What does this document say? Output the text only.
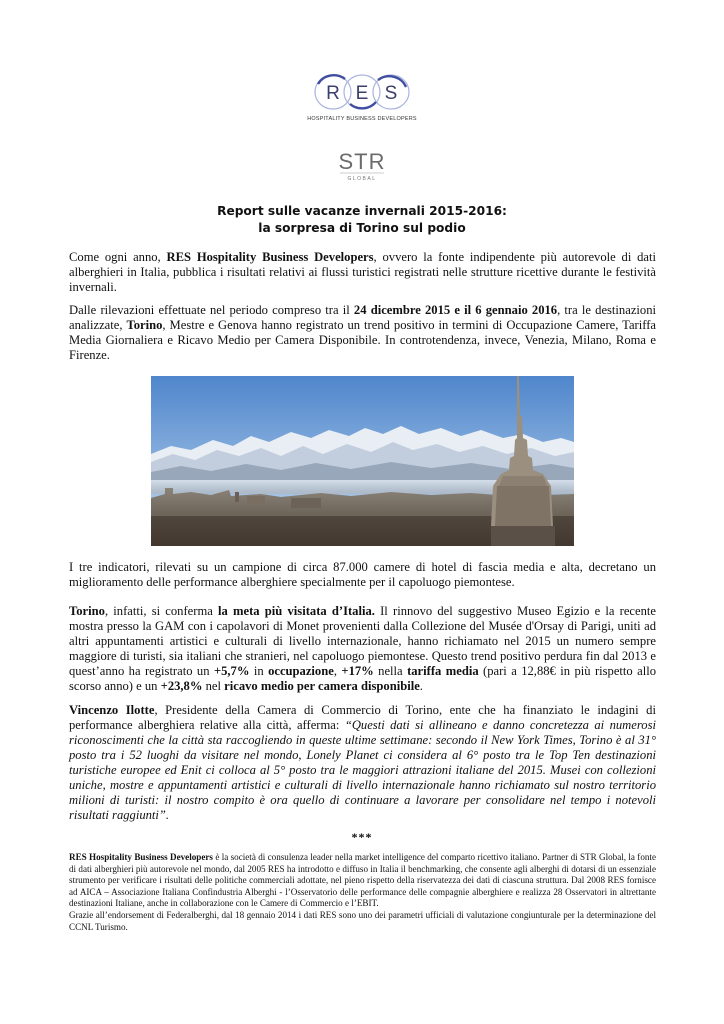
R E S
HOSPITALITY BUSINESS DEVELOPERS
STR
GLOBAL
Report sulle vacanze invernali 2015-2016:
la sorpresa di Torino sul podio

Come ogni anno, RES Hospitality Business Developers, ovvero la fonte indipendente più autorevole di dati alberghieri in Italia, pubblica i risultati relativi ai flussi turistici registrati nelle strutture ricettive durante le festività invernali.

Dalle rilevazioni effettuate nel periodo compreso tra il 24 dicembre 2015 e il 6 gennaio 2016, tra le destinazioni analizzate, Torino, Mestre e Genova hanno registrato un trend positivo in termini di Occupazione Camere, Tariffa Media Giornaliera e Ricavo Medio per Camera Disponibile. In controtendenza, invece, Venezia, Milano, Roma e Firenze.

I tre indicatori, rilevati su un campione di circa 87.000 camere di hotel di fascia media e alta, decretano un miglioramento delle performance alberghiere specialmente per il capoluogo piemontese.

Torino, infatti, si conferma la meta più visitata d’Italia. Il rinnovo del suggestivo Museo Egizio e la recente mostra presso la GAM con i capolavori di Monet provenienti dalla Collezione del Musée d'Orsay di Parigi, uniti ad altri appuntamenti artistici e culturali di livello internazionale, hanno richiamato nel 2015 un numero sempre maggiore di turisti, sia italiani che stranieri, nel capoluogo piemontese. Questo trend positivo perdura fin dal 2013 e quest’anno ha registrato un +5,7% in occupazione, +17% nella tariffa media (pari a 12,88€ in più rispetto allo scorso anno) e un +23,8% nel ricavo medio per camera disponibile.

Vincenzo Ilotte, Presidente della Camera di Commercio di Torino, ente che ha finanziato le indagini di performance alberghiera relative alla città, afferma: “Questi dati si allineano e danno concretezza ai numerosi riconoscimenti che la città sta raccogliendo in queste ultime settimane: secondo il New York Times, Torino è al 31° posto tra i 52 luoghi da visitare nel mondo, Lonely Planet ci considera al 6° posto tra le Top Ten destinazioni turistiche europee ed Enit ci colloca al 5° posto tra le maggiori attrazioni italiane del 2015. Musei con collezioni uniche, mostre e appuntamenti artistici e culturali di livello internazionale hanno richiamato sul nostro territorio milioni di turisti: il nostro compito è ora quello di continuare a lavorare per consolidare nel tempo i notevoli risultati raggiunti”.

***

RES Hospitality Business Developers è la società di consulenza leader nella market intelligence del comparto ricettivo italiano. Partner di STR Global, la fonte di dati alberghieri più autorevole nel mondo, dal 2005 RES ha introdotto e diffuso in Italia il benchmarking, che consente agli alberghi di dotarsi di un essenziale strumento per verificare i risultati delle politiche commerciali adottate, nel pieno rispetto della riservatezza dei dati di ciascuna struttura. Dal 2008 RES fornisce ad AICA – Associazione Italiana Confindustria Alberghi - l’Osservatorio delle performance delle compagnie alberghiere e realizza 28 Osservatori in altrettante destinazioni Italiane, anche in collaborazione con le Camere di Commercio e l’EBIT.
Grazie all’endorsement di Federalberghi, dal 18 gennaio 2014 i dati RES sono uno dei parametri ufficiali di valutazione congiunturale per la determinazione del CCNL Turismo.
